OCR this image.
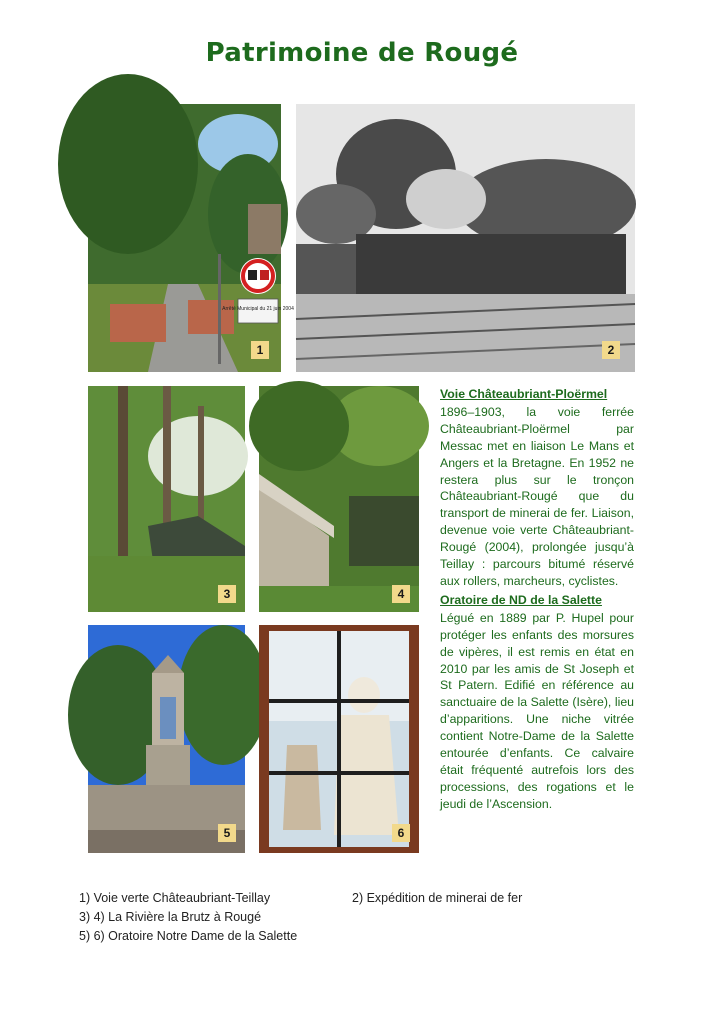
Patrimoine de Rougé
Arrêté Municipal du 21 juin 2004
1	2
3	4
5	6
Voie Châteaubriant-Ploërmel

1896–1903, la voie ferrée Châteaubriant-Ploërmel par Messac met en liaison Le Mans et Angers et la Bretagne. En 1952 ne restera plus sur le tronçon Châteaubriant-Rougé que du transport de minerai de fer. Liaison, devenue voie verte Châteaubriant-Rougé (2004), prolongée jusqu’à Teillay : parcours bitumé réservé aux rollers, marcheurs, cyclistes.

Oratoire de ND de la Salette

Légué en 1889 par P. Hupel pour protéger les enfants des morsures de vipères, il est remis en état en 2010 par les amis de St Joseph et St Patern. Edifié en référence au sanctuaire de la Salette (Isère), lieu d’apparitions. Une niche vitrée contient Notre-Dame de la Salette entourée d’enfants. Ce calvaire était fréquenté autrefois lors des processions, des rogations et le jeudi de l’Ascension.

1) Voie verte Châteaubriant-Teillay	2) Expédition de minerai de fer
3) 4) La Rivière la Brutz à Rougé
5) 6) Oratoire Notre Dame de la Salette
